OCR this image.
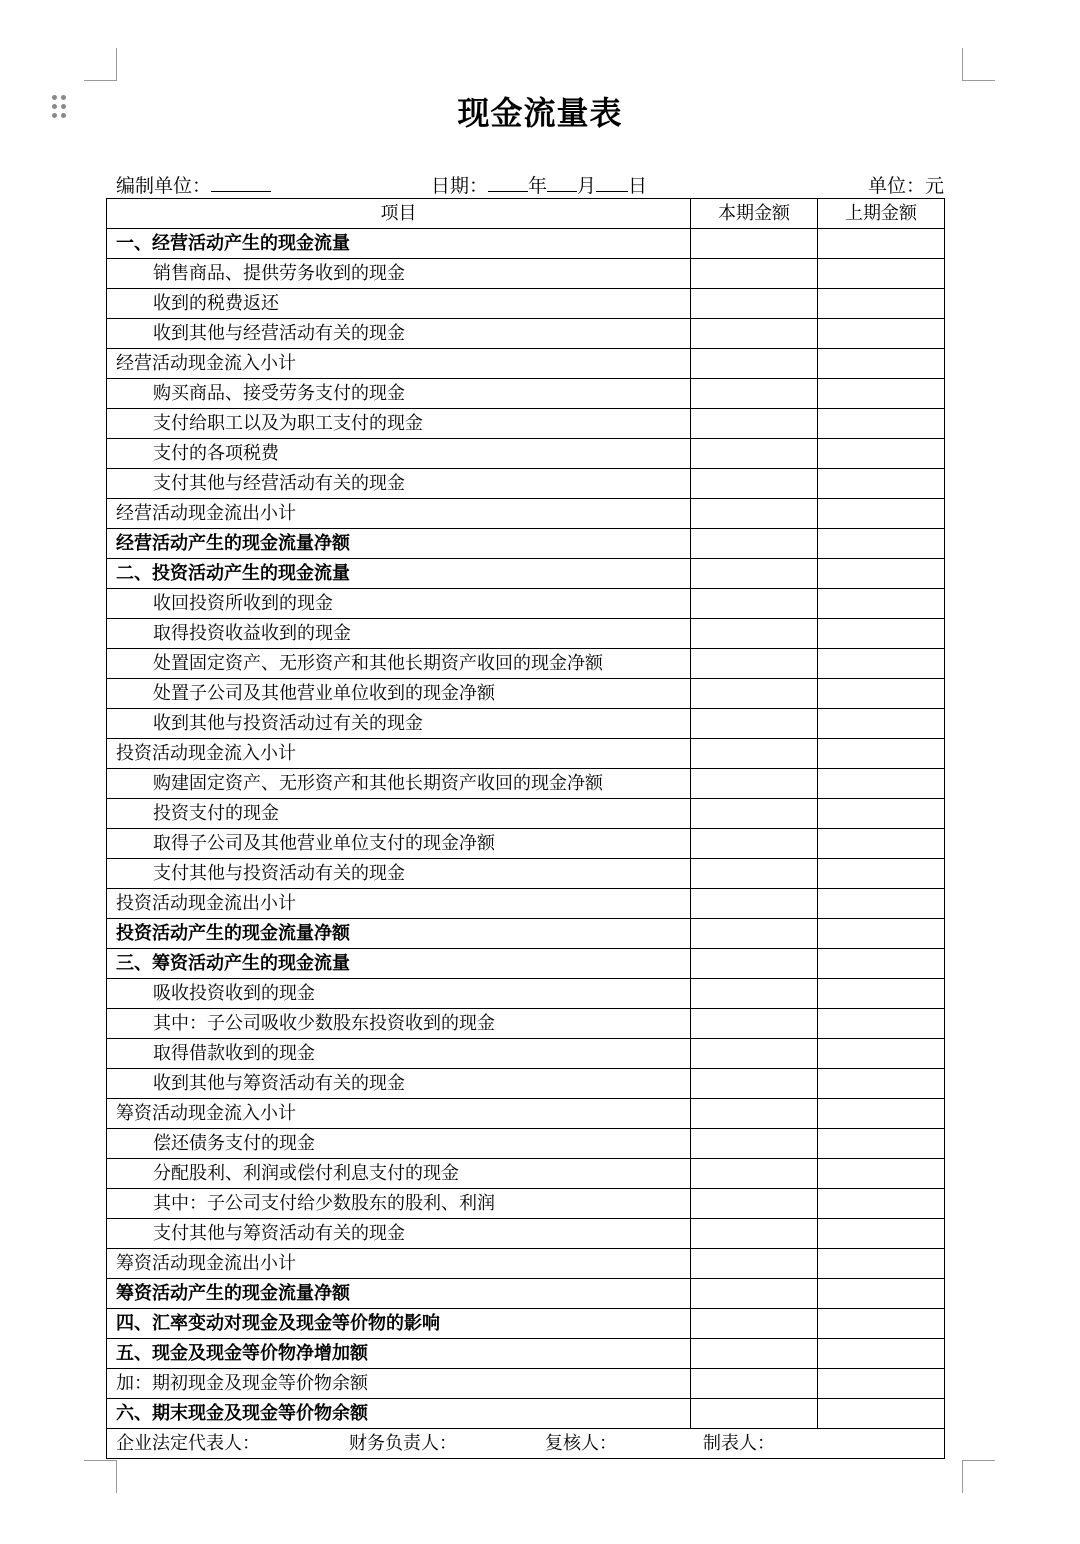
现金流量表
编制单位：	日期： 年 月 日	单位：元
项目	本期金额	上期金额
一、经营活动产生的现金流量		
销售商品、提供劳务收到的现金		
收到的税费返还		
收到其他与经营活动有关的现金		
经营活动现金流入小计		
购买商品、接受劳务支付的现金		
支付给职工以及为职工支付的现金		
支付的各项税费		
支付其他与经营活动有关的现金		
经营活动现金流出小计		
经营活动产生的现金流量净额		
二、投资活动产生的现金流量		
收回投资所收到的现金		
取得投资收益收到的现金		
处置固定资产、无形资产和其他长期资产收回的现金净额		
处置子公司及其他营业单位收到的现金净额		
收到其他与投资活动过有关的现金		
投资活动现金流入小计		
购建固定资产、无形资产和其他长期资产收回的现金净额		
投资支付的现金		
取得子公司及其他营业单位支付的现金净额		
支付其他与投资活动有关的现金		
投资活动现金流出小计		
投资活动产生的现金流量净额		
三、筹资活动产生的现金流量		
吸收投资收到的现金		
其中：子公司吸收少数股东投资收到的现金		
取得借款收到的现金		
收到其他与筹资活动有关的现金		
筹资活动现金流入小计		
偿还债务支付的现金		
分配股利、利润或偿付利息支付的现金		
其中：子公司支付给少数股东的股利、利润		
支付其他与筹资活动有关的现金		
筹资活动现金流出小计		
筹资活动产生的现金流量净额		
四、汇率变动对现金及现金等价物的影响		
五、现金及现金等价物净增加额		
加：期初现金及现金等价物余额		
六、期末现金及现金等价物余额		

企业法定代表人： 财务负责人： 复核人： 制表人：		
